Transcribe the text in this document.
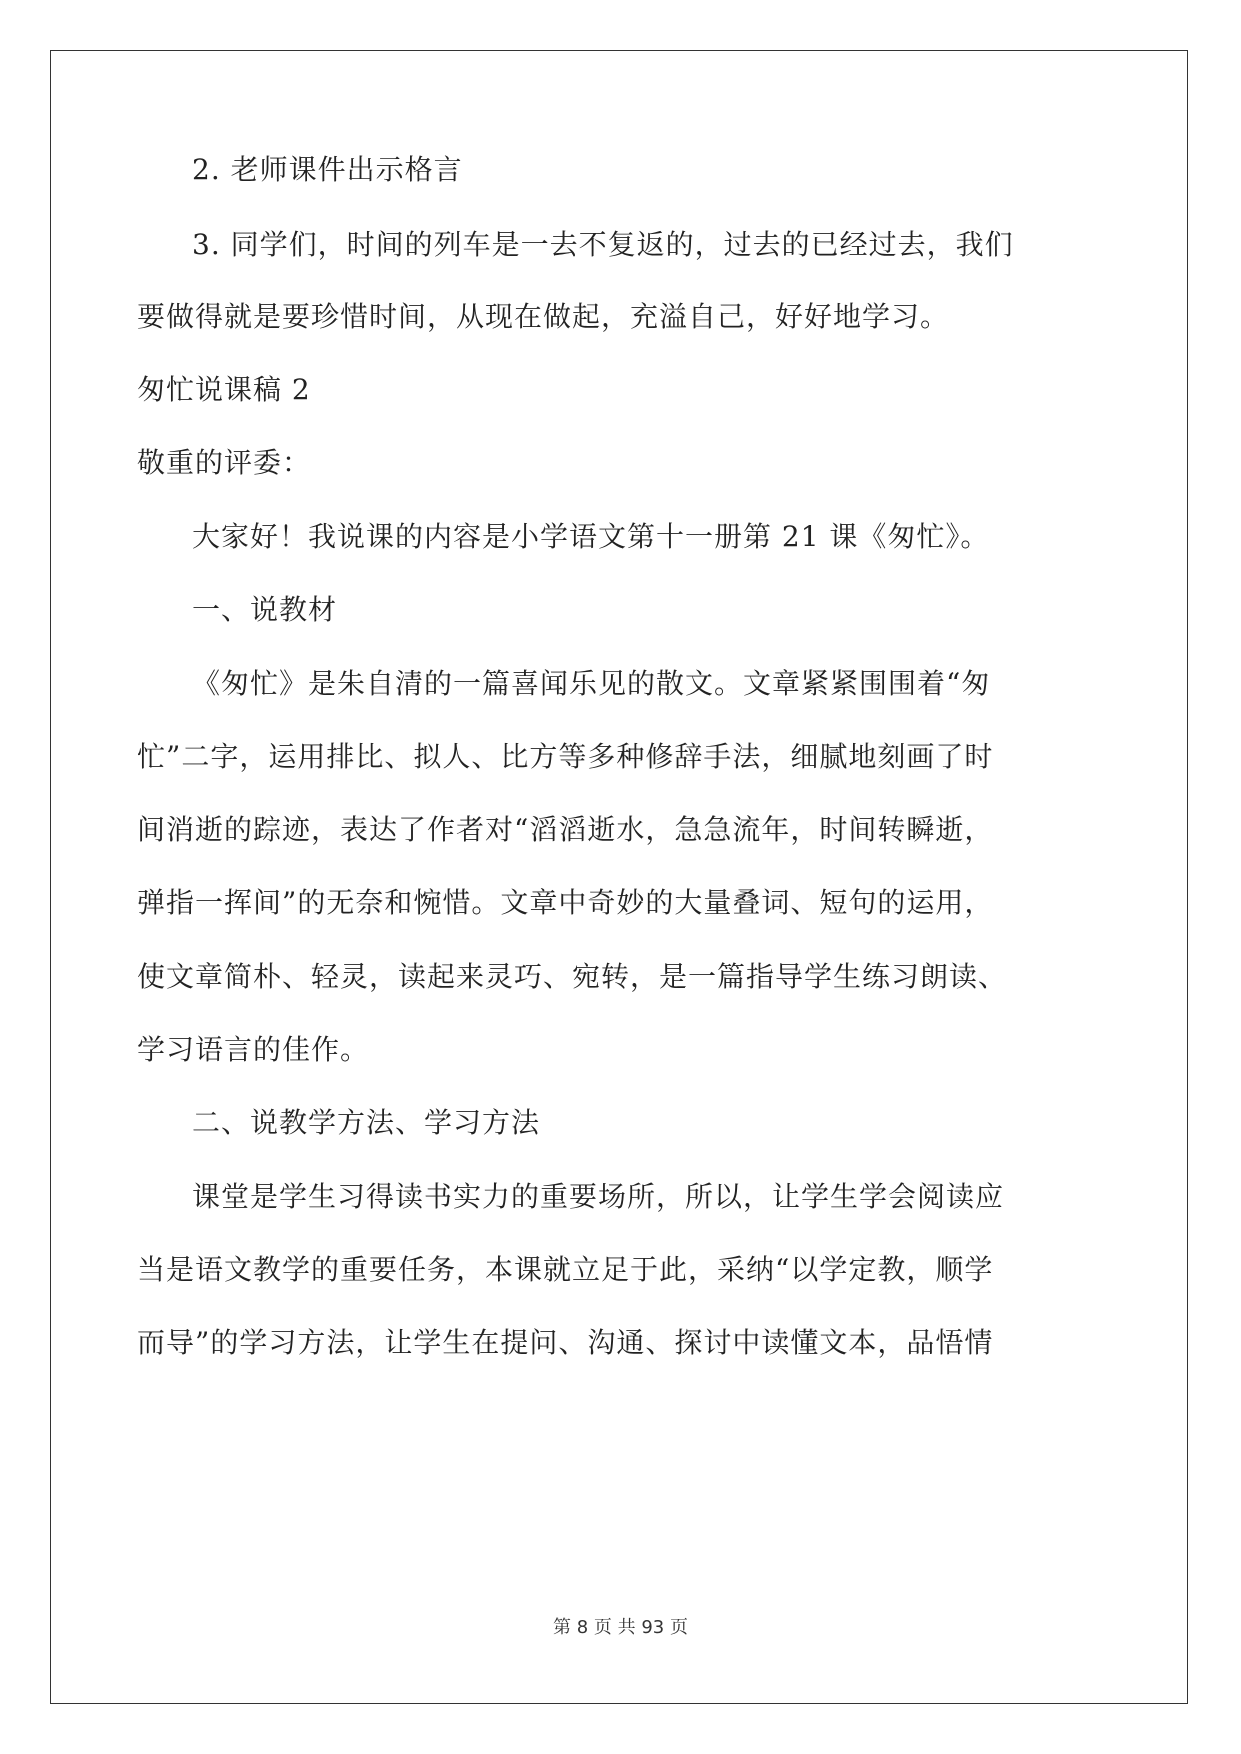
2. 老师课件出示格言
3. 同学们，时间的列车是一去不复返的，过去的已经过去，我们
要做得就是要珍惜时间，从现在做起，充溢自己，好好地学习。
匆忙说课稿 2
敬重的评委：
大家好！我说课的内容是小学语文第十一册第 21 课《匆忙》。
一、说教材
《匆忙》是朱自清的一篇喜闻乐见的散文。文章紧紧围围着“匆
忙”二字，运用排比、拟人、比方等多种修辞手法，细腻地刻画了时
间消逝的踪迹，表达了作者对“滔滔逝水，急急流年，时间转瞬逝，
弹指一挥间”的无奈和惋惜。文章中奇妙的大量叠词、短句的运用，
使文章简朴、轻灵，读起来灵巧、宛转，是一篇指导学生练习朗读、
学习语言的佳作。
二、说教学方法、学习方法
课堂是学生习得读书实力的重要场所，所以，让学生学会阅读应
当是语文教学的重要任务，本课就立足于此，采纳“以学定教，顺学
而导”的学习方法，让学生在提问、沟通、探讨中读懂文本，品悟情
第 8 页 共 93 页
